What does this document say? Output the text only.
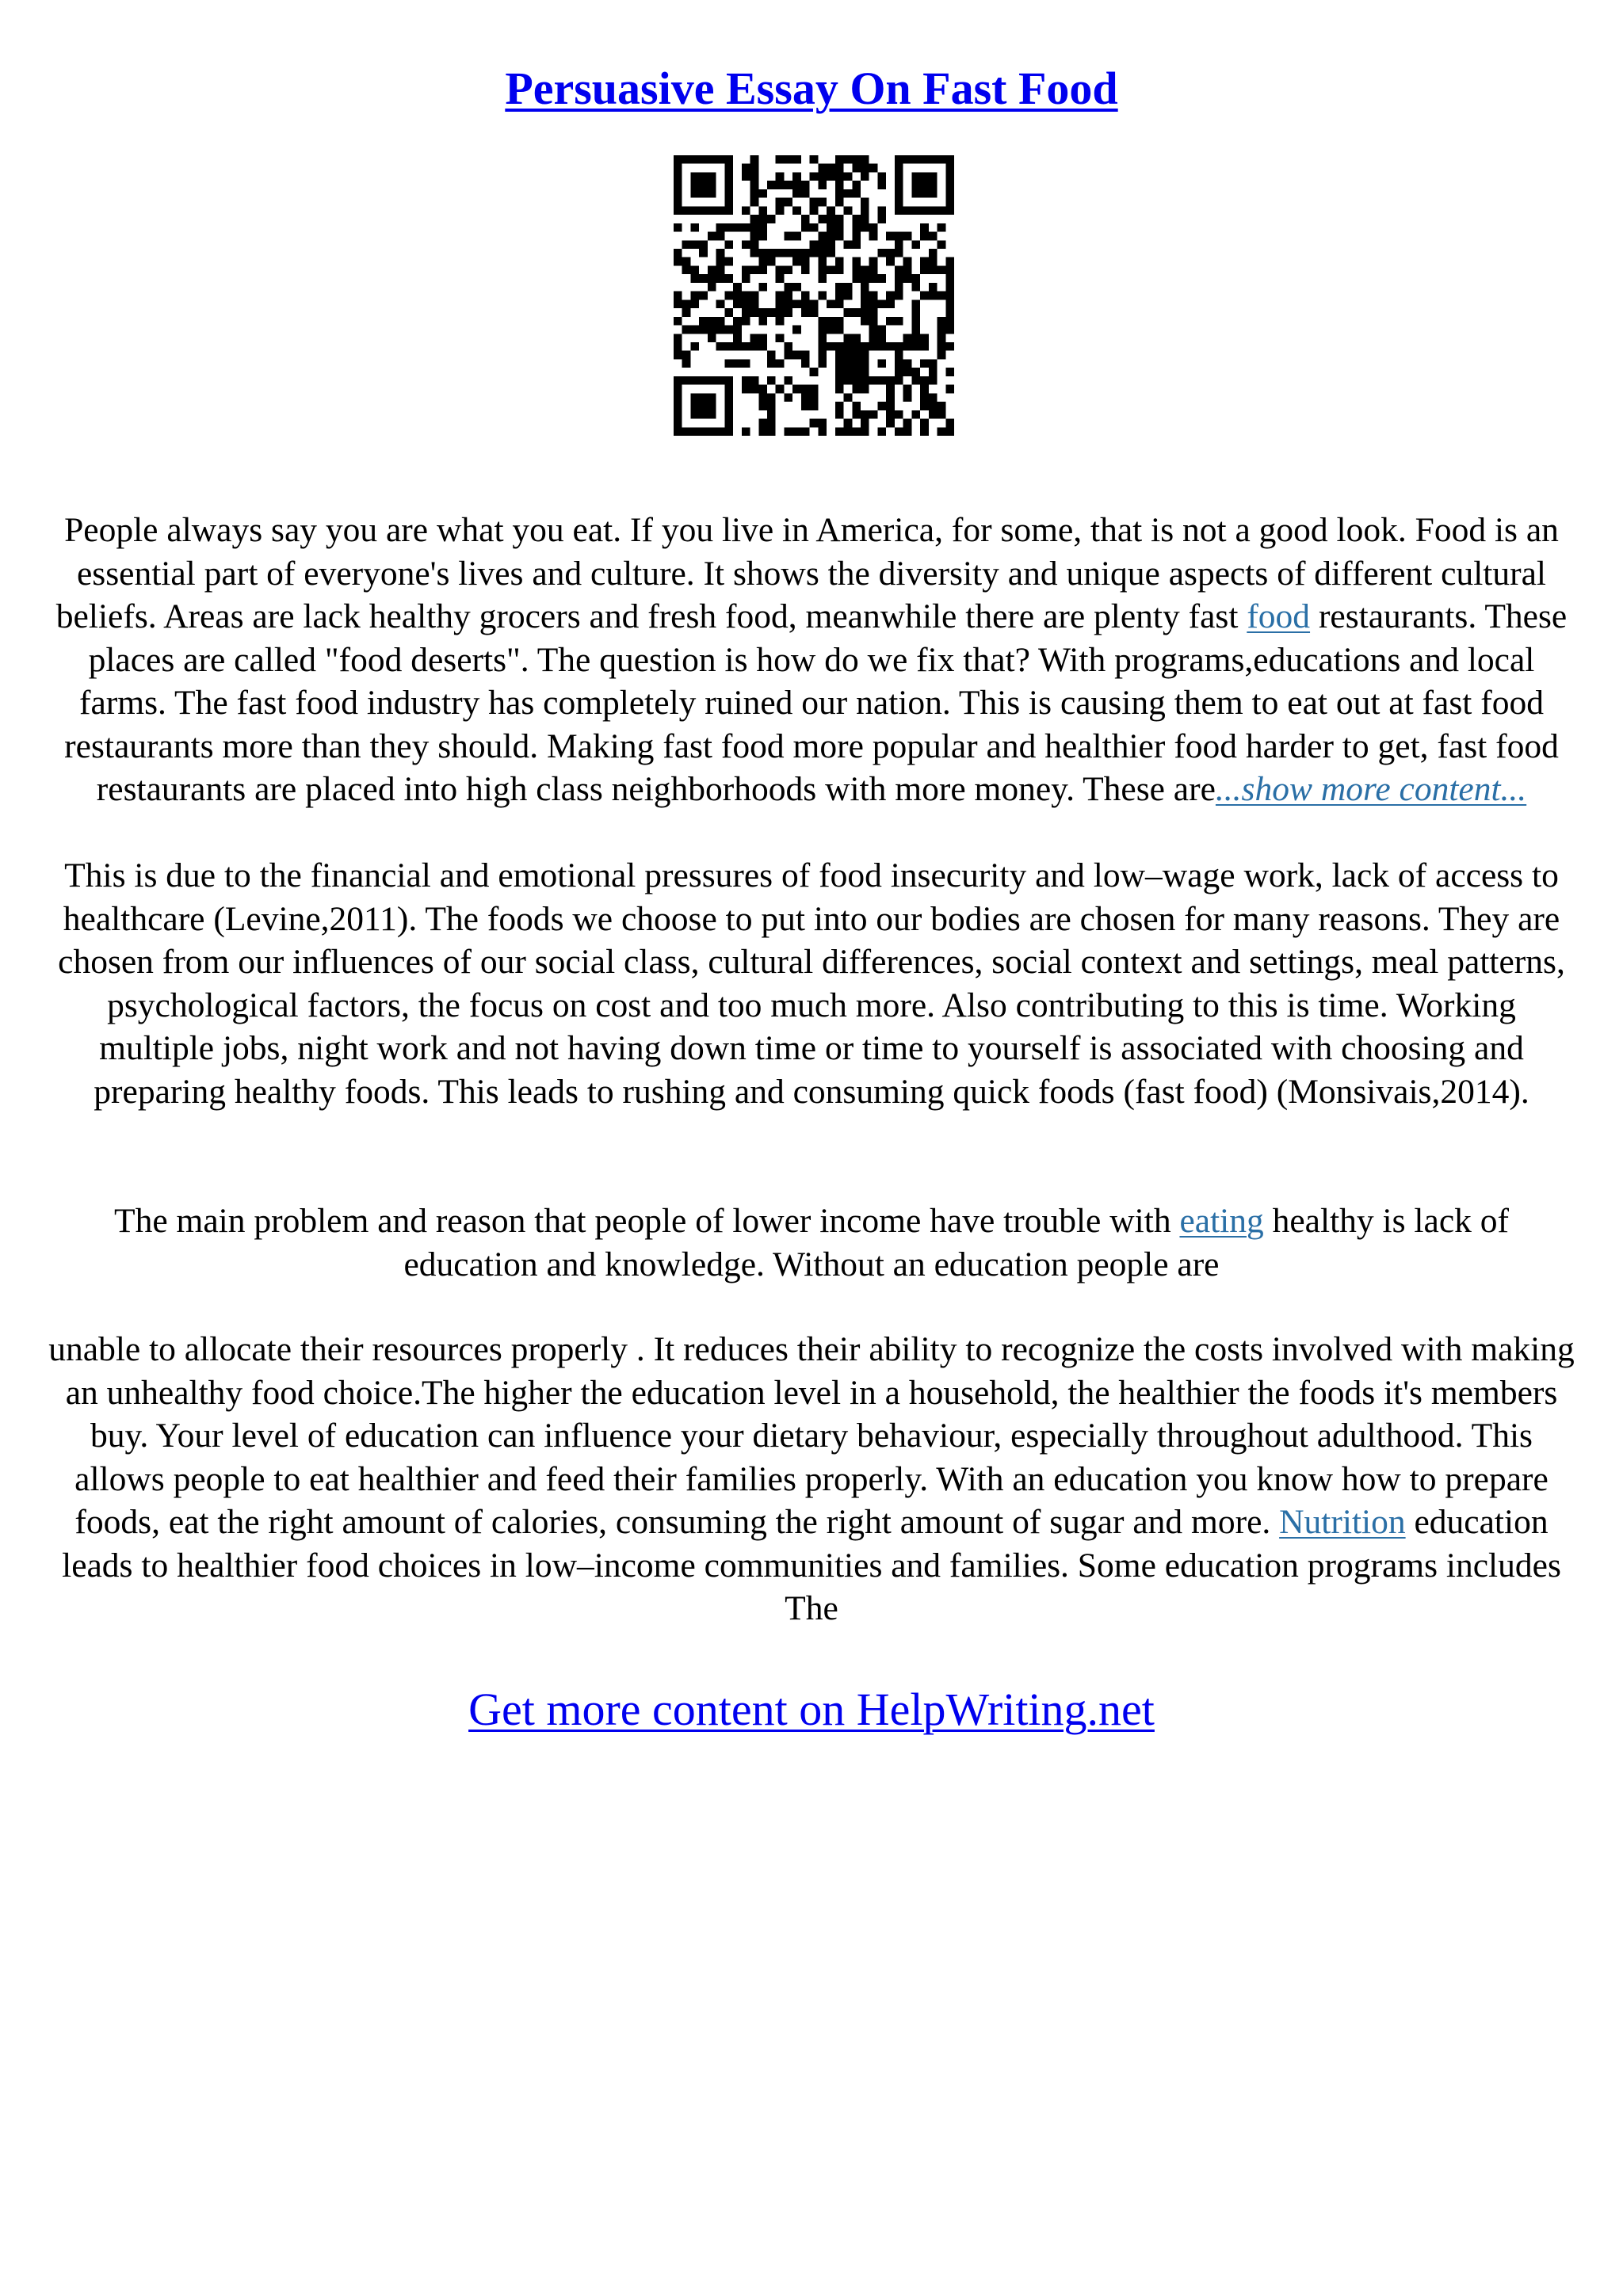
Persuasive Essay On Fast Food

People always say you are what you eat. If you live in America, for some, that is not a good look. Food is an essential part of everyone's lives and culture. It shows the diversity and unique aspects of different cultural beliefs. Areas are lack healthy grocers and fresh food, meanwhile there are plenty fast food restaurants. These places are called "food deserts". The question is how do we fix that? With programs,educations and local farms. The fast food industry has completely ruined our nation. This is causing them to eat out at fast food restaurants more than they should. Making fast food more popular and healthier food harder to get, fast food restaurants are placed into high class neighborhoods with more money. These are...show more content...

This is due to the financial and emotional pressures of food insecurity and low–wage work, lack of access to healthcare (Levine,2011). The foods we choose to put into our bodies are chosen for many reasons. They are chosen from our influences of our social class, cultural differences, social context and settings, meal patterns, psychological factors, the focus on cost and too much more. Also contributing to this is time. Working multiple jobs, night work and not having down time or time to yourself is associated with choosing and preparing healthy foods. This leads to rushing and consuming quick foods (fast food) (Monsivais,2014).

The main problem and reason that people of lower income have trouble with eating healthy is lack of education and knowledge. Without an education people are

unable to allocate their resources properly . It reduces their ability to recognize the costs involved with making an unhealthy food choice.The higher the education level in a household, the healthier the foods it's members buy. Your level of education can influence your dietary behaviour, especially throughout adulthood. This allows people to eat healthier and feed their families properly. With an education you know how to prepare foods, eat the right amount of calories, consuming the right amount of sugar and more. Nutrition education leads to healthier food choices in low–income communities and families. Some education programs includes The

Get more content on HelpWriting.net
